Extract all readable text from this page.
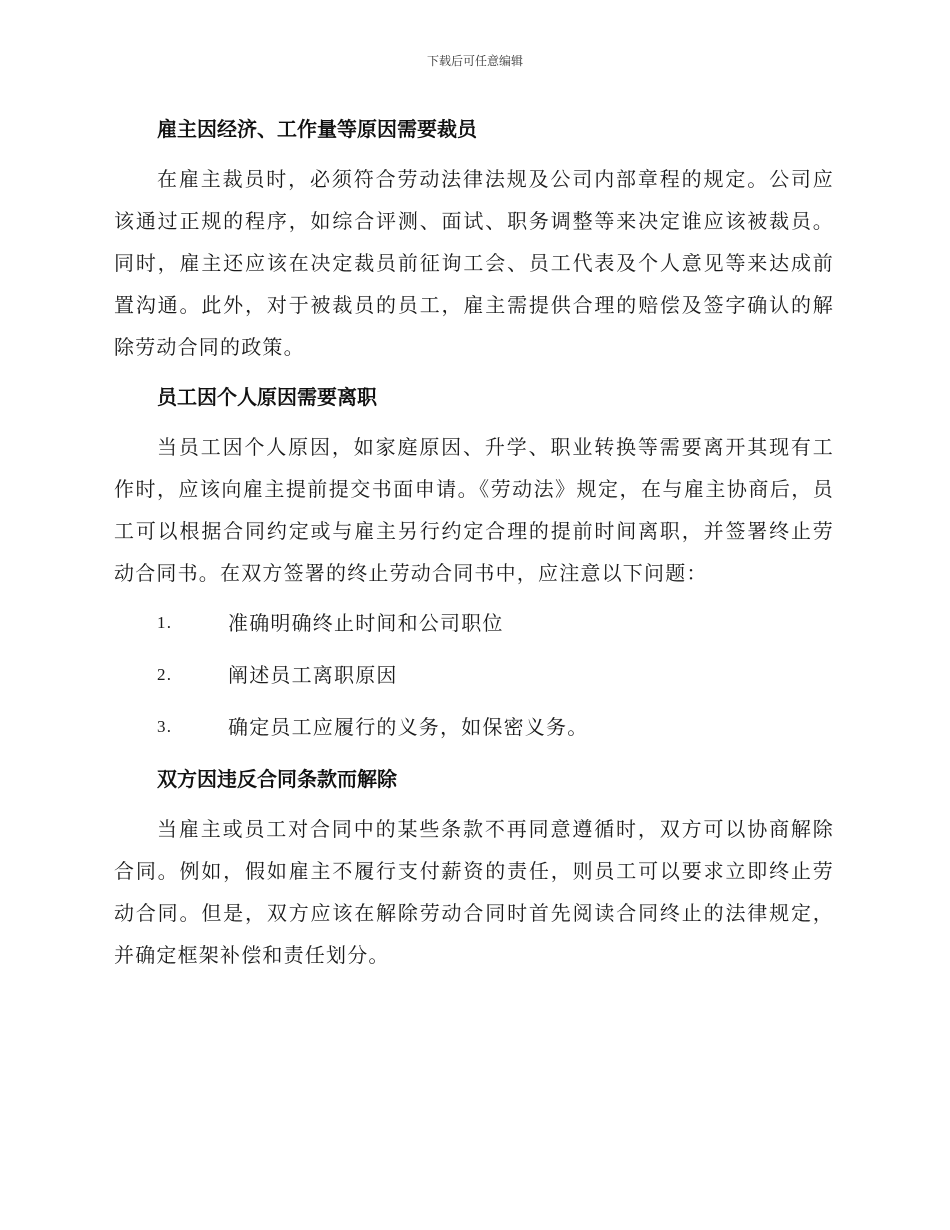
下载后可任意编辑
雇主因经济、工作量等原因需要裁员

在雇主裁员时，必须符合劳动法律法规及公司内部章程的规定。公司应该通过正规的程序，如综合评测、面试、职务调整等来决定谁应该被裁员。同时，雇主还应该在决定裁员前征询工会、员工代表及个人意见等来达成前置沟通。此外，对于被裁员的员工，雇主需提供合理的赔偿及签字确认的解除劳动合同的政策。

员工因个人原因需要离职

当员工因个人原因，如家庭原因、升学、职业转换等需要离开其现有工作时，应该向雇主提前提交书面申请。《劳动法》规定，在与雇主协商后，员工可以根据合同约定或与雇主另行约定合理的提前时间离职，并签署终止劳动合同书。在双方签署的终止劳动合同书中，应注意以下问题：

1.	准确明确终止时间和公司职位
2.	阐述员工离职原因
3.	确定员工应履行的义务，如保密义务。
双方因违反合同条款而解除

当雇主或员工对合同中的某些条款不再同意遵循时，双方可以协商解除合同。例如，假如雇主不履行支付薪资的责任，则员工可以要求立即终止劳动合同。但是，双方应该在解除劳动合同时首先阅读合同终止的法律规定，并确定框架补偿和责任划分。
